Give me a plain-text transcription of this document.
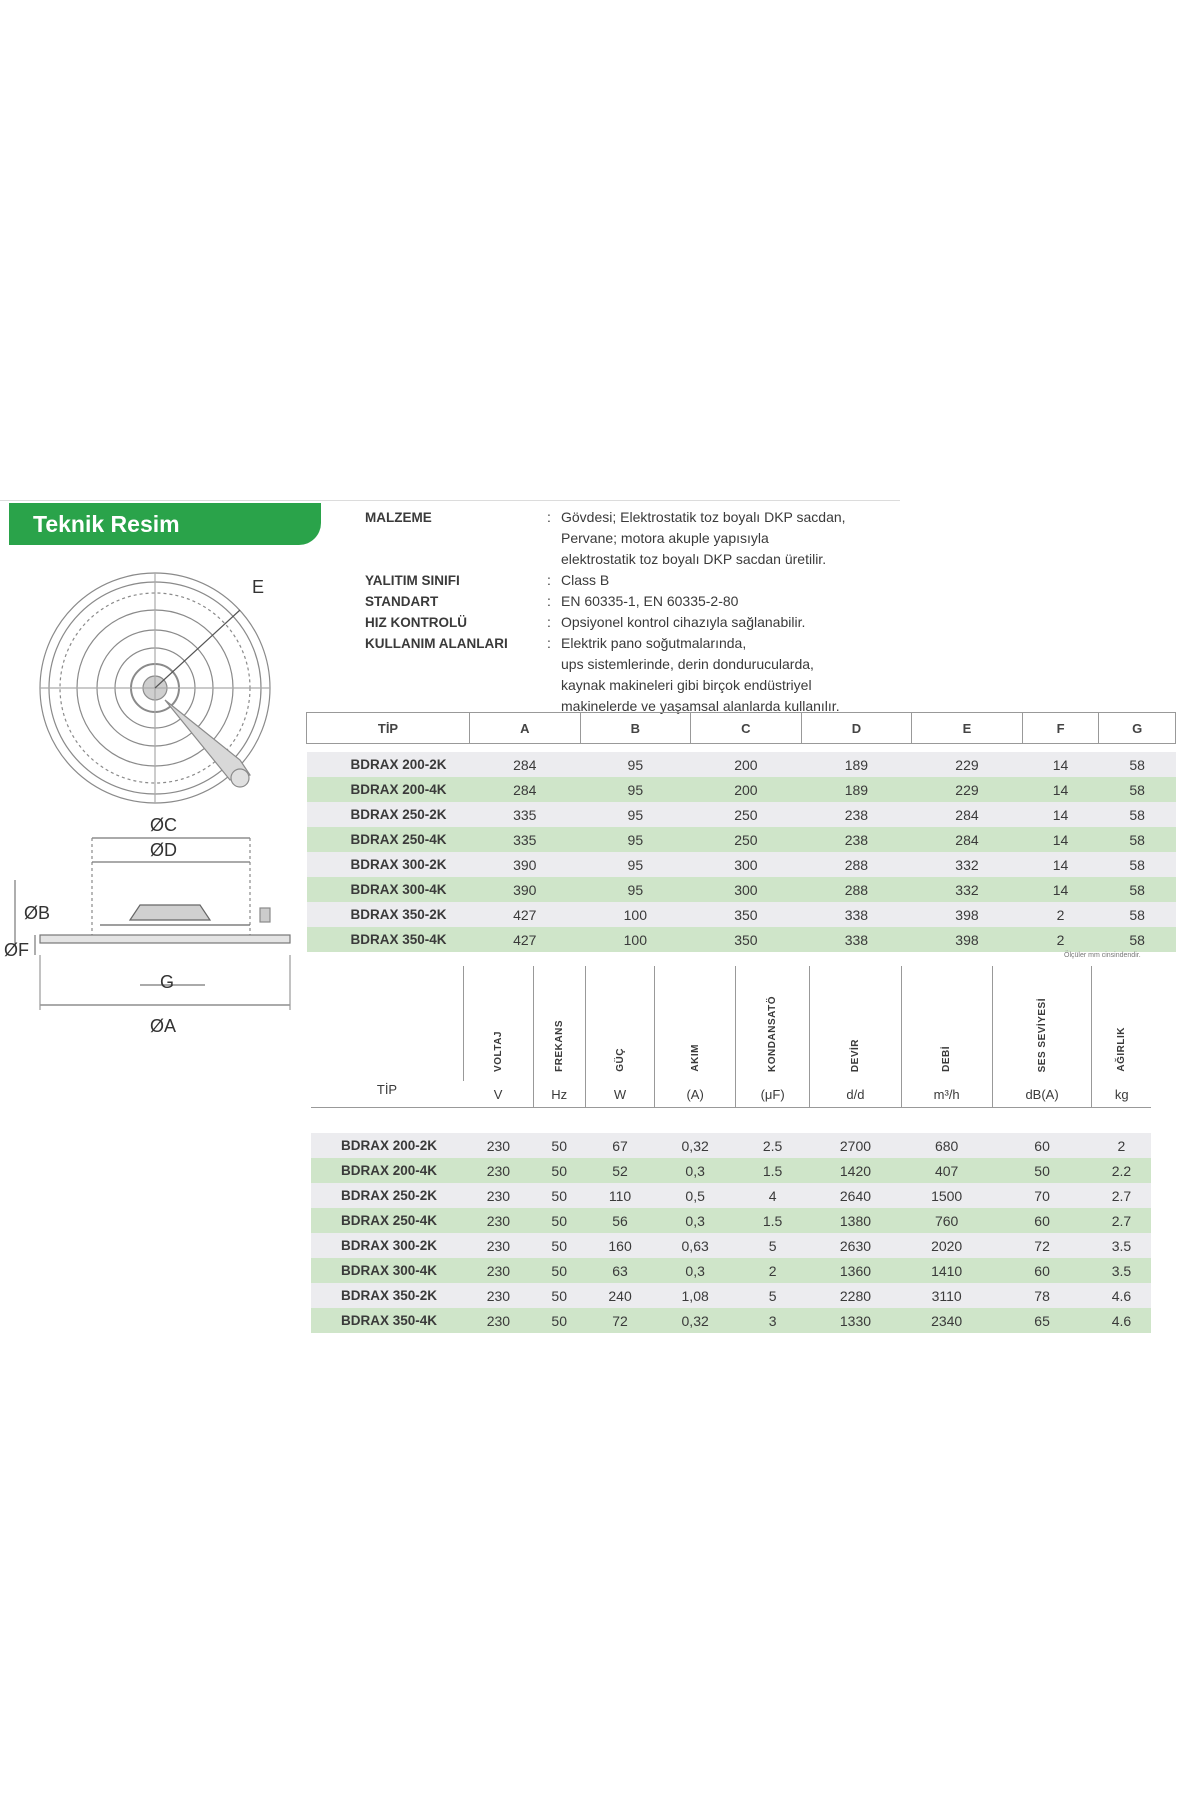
Teknik Resim	MALZEME	: Gövdesi; Elektrostatik toz boyalı DKP sacdan,
Pervane; motora akuple yapısıyla
elektrostatik toz boyalı DKP sacdan üretilir.
YALITIM SINIFI	: Class B
STANDART	: EN 60335-1, EN 60335-2-80
HIZ KONTROLÜ	: Opsiyonel kontrol cihazıyla sağlanabilir.
KULLANIM ALANLARI	: Elektrik pano soğutmalarında,
ups sistemlerinde, derin dondurucularda,
kaynak makineleri gibi birçok endüstriyel
makinelerde ve yaşamsal alanlarda kullanılır.
E
ØC
ØD
ØB
ØF
G
ØA
TİP	A	B	C	D	E	F	G

BDRAX 200-2K	284	95	200	189	229	14	58
BDRAX 200-4K	284	95	200	189	229	14	58
BDRAX 250-2K	335	95	250	238	284	14	58
BDRAX 250-4K	335	95	250	238	284	14	58
BDRAX 300-2K	390	95	300	288	332	14	58
BDRAX 300-4K	390	95	300	288	332	14	58
BDRAX 350-2K	427	100	350	338	398	2	58
BDRAX 350-4K	427	100	350	338	398	2	58
Ölçüler mm cinsindendir.
TİP	VOLTAJ	FREKANS	GÜÇ	AKIM	KONDANSATÖ	DEVİR	DEBİ	SES SEVİYESİ	AĞIRLIK
	V	Hz	W	(A)	(μF)	d/d	m³/h	dB(A)	kg

BDRAX 200-2K	230	50	67	0,32	2.5	2700	680	60	2
BDRAX 200-4K	230	50	52	0,3	1.5	1420	407	50	2.2
BDRAX 250-2K	230	50	110	0,5	4	2640	1500	70	2.7
BDRAX 250-4K	230	50	56	0,3	1.5	1380	760	60	2.7
BDRAX 300-2K	230	50	160	0,63	5	2630	2020	72	3.5
BDRAX 300-4K	230	50	63	0,3	2	1360	1410	60	3.5
BDRAX 350-2K	230	50	240	1,08	5	2280	3110	78	4.6
BDRAX 350-4K	230	50	72	0,32	3	1330	2340	65	4.6
